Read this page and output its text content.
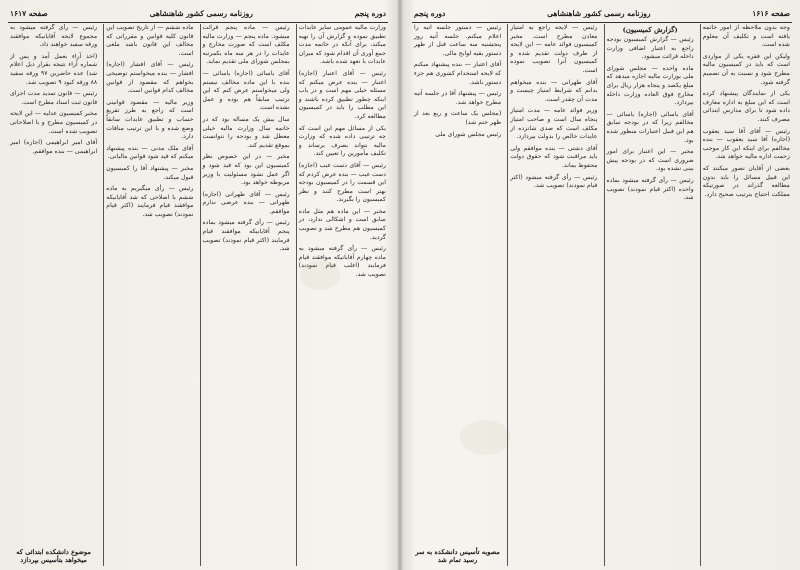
دوره پنجم
روزنامه رسمی کشور شاهنشاهی
صفحه ۱۶۱۷

وزارت مالیه عمومی سایر عایدات تطبیق نموده و گزارش آن را تهیه میکند، برای آنکه در خاتمه مدت جمع آوری آن اقدام شود که میزان عایدات با تعهد شده باشد.

رئیس — آقای اعتبار (اجازه) اعتبار — بنده عرض میکنم که مسئله خیلی مهم است و در باب اینکه چطور تطبیق کرده باشند و این مطلب را باید در کمیسیون مطالعه کرد.

یکی از مسائل مهم این است که چه ترتیبی داده شده که وزارت مالیه بتواند بصرف برساند و تکلیف مأمورین را تعیین کند.

رئیس — آقای دست غیب (اجازه) دست غیب — بنده عرض کردم که این قسمت را در کمیسیون بودجه بهتر است مطرح کنند و نظر کمیسیون را بگیرند.

مخبر — این ماده هم مثل ماده سابق است و اشکالی ندارد، در کمیسیون هم مطرح شد و تصویب گردید.

رئیس — رأی گرفته میشود به ماده چهارم آقایانیکه موافقند قیام فرمایند (اغلب قیام نمودند) تصویب شد.

رئیس — ماده پنجم قرائت میشود. ماده پنجم — وزارت مالیه مکلف است که صورت مخارج و عایدات را در هر سه ماه یکمرتبه بمجلس شورای ملی تقدیم نماید.

آقای یاسائی (اجازه) یاسائی — بنده با این ماده مخالف نیستم ولی میخواستم عرض کنم که این ترتیب سابقاً هم بوده و عمل نشده است.

سال بیش یک مساله بود که در خاتمه سال وزارت مالیه خیلی معطل شد و بودجه را نتوانست بموقع تقدیم کند.

مخبر — در این خصوص نظر کمیسیون این بود که قید شود و اگر عمل نشود مسئولیت با وزیر مربوطه خواهد بود.

رئیس — آقای طهرانی (اجازه) طهرانی — بنده عرضی ندارم موافقم.

رئیس — رأی گرفته میشود بماده پنجم آقایانیکه موافقند قیام فرمایند (اکثر قیام نمودند) تصویب شد.

ماده ششم — از تاریخ تصویب این قانون کلیه قوانین و مقرراتی که مخالف این قانون باشد ملغی است.

رئیس — آقای افشار (اجازه) افشار — بنده میخواستم توضیحی بخواهم که مقصود از قوانین مخالف کدام قوانین است.

وزیر مالیه — مقصود قوانینی است که راجع به طرز تفریغ حساب و تطبیق عایدات سابقاً وضع شده و با این ترتیب منافات دارد.

آقای ملک مدنی — بنده پیشنهاد میکنم که قید شود قوانین مالیاتی.

مخبر — پیشنهاد آقا را کمیسیون قبول میکند.

رئیس — رأی میگیریم به ماده ششم با اصلاحی که شد آقایانیکه موافقند قیام فرمایند (اکثر قیام نمودند) تصویب شد.

رئیس — رأی گرفته میشود به مجموع لایحه آقایانیکه موافقند ورقه سفید خواهند داد.

(اخذ آراء بعمل آمد و پس از شماره آراء نتیجه بقرار ذیل اعلام شد) عده حاضرین ۹۷ ورقه سفید ۸۸ ورقه کبود ۹ تصویب شد.

رئیس — قانون تمدید مدت اجرای قانون ثبت اسناد مطرح است.

مخبر کمیسیون عدلیه — این لایحه در کمیسیون مطرح و با اصلاحاتی تصویب شده است.

آقای امیر ابراهیمی (اجازه) امیر ابراهیمی — بنده موافقم.

موضوع دانشکده ابتدائی که میخواهد بتأسیس بپردازد
صفحه ۱۶۱۶
روزنامه رسمی کشور شاهنشاهی
دوره پنجم

وجه بدون ملاحظه از امور خاتمه یافته است و تکلیف آن معلوم شده است.

ولیکن این فقره یکی از مواردی است که باید در کمیسیون مالیه مطرح شود و نسبت به آن تصمیم گرفته شود.

یکی از نمایندگان پیشنهاد کرده است که این مبلغ به اداره معارف داده شود تا برای مدارس ابتدائی مصرف کنند.

رئیس — آقای آقا سید یعقوب (اجازه) آقا سید یعقوب — بنده مخالفم برای اینکه این کار موجب زحمت اداره مالیه خواهد شد.

بعضی از آقایان تصور میکنند که این قبیل مسائل را باید بدون مطالعه گذراند در صورتیکه مملکت احتیاج بترتیب صحیح دارد.

(گزارش کمیسیون)

رئیس — گزارش کمیسیون بودجه راجع به اعتبار اضافی وزارت داخله قرائت میشود.

ماده واحده — مجلس شورای ملی بوزارت مالیه اجازه میدهد که مبلغ یکصد و پنجاه هزار ریال برای مخارج فوق العاده وزارت داخله بپردازد.

آقای یاسائی (اجازه) یاسائی — مخالفم زیرا که در بودجه سابق هم این قبیل اعتبارات منظور شده بود.

مخبر — این اعتبار برای امور ضروری است که در بودجه پیش بینی نشده بود.

رئیس — رأی گرفته میشود بماده واحده (اکثر قیام نمودند) تصویب شد.

رئیس — لایحه راجع به امتیاز معادن مطرح است. مخبر کمیسیون فوائد عامه — این لایحه از طرف دولت تقدیم شده و کمیسیون آنرا تصویب نموده است.

آقای طهرانی — بنده میخواهم بدانم که شرایط امتیاز چیست و مدت آن چقدر است.

وزیر فوائد عامه — مدت امتیاز پنجاه سال است و صاحب امتیاز مکلف است که صدی شانزده از عایدات خالص را بدولت بپردازد.

آقای دشتی — بنده موافقم ولی باید مراقبت شود که حقوق دولت محفوظ بماند.

رئیس — رأی گرفته میشود (اکثر قیام نمودند) تصویب شد.

رئیس — دستور جلسه آتیه را اعلام میکنم. جلسه آتیه روز پنجشنبه سه ساعت قبل از ظهر دستور بقیه لوایح مالی.

آقای اعتبار — بنده پیشنهاد میکنم که لایحه استخدام کشوری هم جزء دستور باشد.

رئیس — پیشنهاد آقا در جلسه آتیه مطرح خواهد شد.

(مجلس یک ساعت و ربع بعد از ظهر ختم شد)

رئیس مجلس شورای ملی

مصوبه تأسیس دانشکده به سر رسید تمام شد
